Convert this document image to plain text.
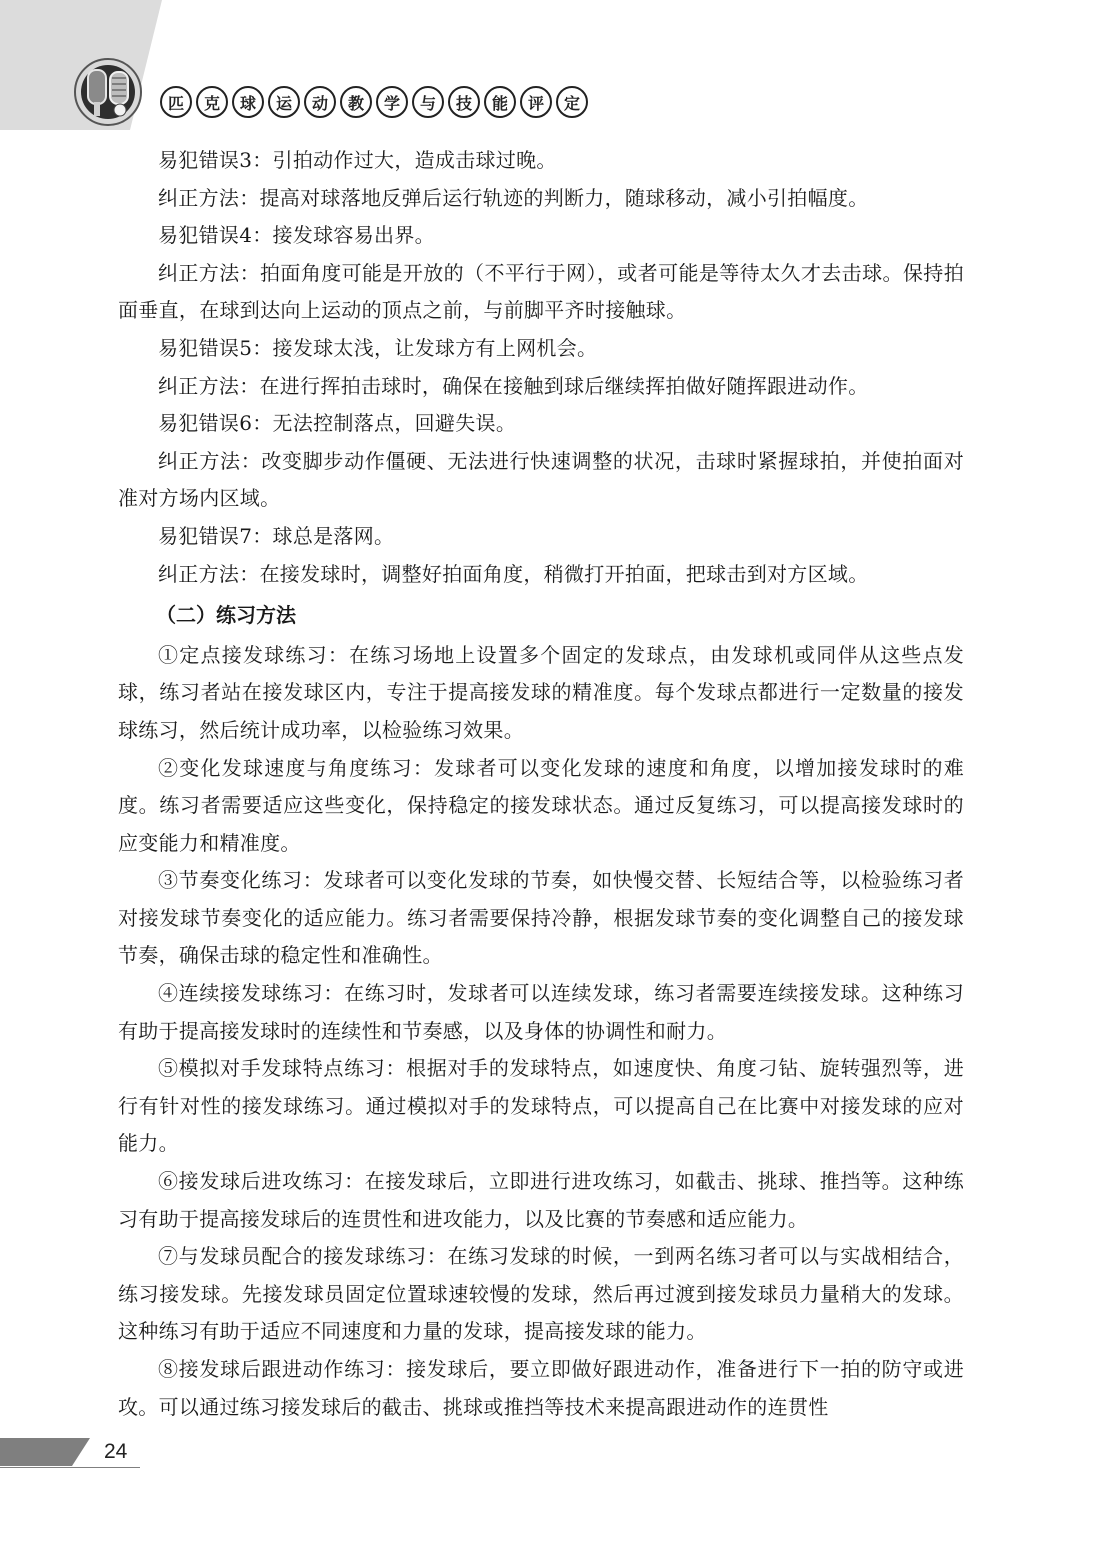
匹	克	球	运	动	教	学	与	技	能	评	定

易犯错误3：引拍动作过大，造成击球过晚。

纠正方法：提高对球落地反弹后运行轨迹的判断力，随球移动，减小引拍幅度。

易犯错误4：接发球容易出界。

纠正方法：拍面角度可能是开放的（不平行于网），或者可能是等待太久才去击球。保持拍面垂直，在球到达向上运动的顶点之前，与前脚平齐时接触球。

易犯错误5：接发球太浅，让发球方有上网机会。

纠正方法：在进行挥拍击球时，确保在接触到球后继续挥拍做好随挥跟进动作。

易犯错误6：无法控制落点，回避失误。

纠正方法：改变脚步动作僵硬、无法进行快速调整的状况，击球时紧握球拍，并使拍面对准对方场内区域。

易犯错误7：球总是落网。

纠正方法：在接发球时，调整好拍面角度，稍微打开拍面，把球击到对方区域。

（二）练习方法

①定点接发球练习：在练习场地上设置多个固定的发球点，由发球机或同伴从这些点发球，练习者站在接发球区内，专注于提高接发球的精准度。每个发球点都进行一定数量的接发球练习，然后统计成功率，以检验练习效果。

②变化发球速度与角度练习：发球者可以变化发球的速度和角度，以增加接发球时的难度。练习者需要适应这些变化，保持稳定的接发球状态。通过反复练习，可以提高接发球时的应变能力和精准度。

③节奏变化练习：发球者可以变化发球的节奏，如快慢交替、长短结合等，以检验练习者对接发球节奏变化的适应能力。练习者需要保持冷静，根据发球节奏的变化调整自己的接发球节奏，确保击球的稳定性和准确性。

④连续接发球练习：在练习时，发球者可以连续发球，练习者需要连续接发球。这种练习有助于提高接发球时的连续性和节奏感，以及身体的协调性和耐力。

⑤模拟对手发球特点练习：根据对手的发球特点，如速度快、角度刁钻、旋转强烈等，进行有针对性的接发球练习。通过模拟对手的发球特点，可以提高自己在比赛中对接发球的应对能力。

⑥接发球后进攻练习：在接发球后，立即进行进攻练习，如截击、挑球、推挡等。这种练习有助于提高接发球后的连贯性和进攻能力，以及比赛的节奏感和适应能力。

⑦与发球员配合的接发球练习：在练习发球的时候，一到两名练习者可以与实战相结合，练习接发球。先接发球员固定位置球速较慢的发球，然后再过渡到接发球员力量稍大的发球。这种练习有助于适应不同速度和力量的发球，提高接发球的能力。

⑧接发球后跟进动作练习：接发球后，要立即做好跟进动作，准备进行下一拍的防守或进攻。可以通过练习接发球后的截击、挑球或推挡等技术来提高跟进动作的连贯性

24
